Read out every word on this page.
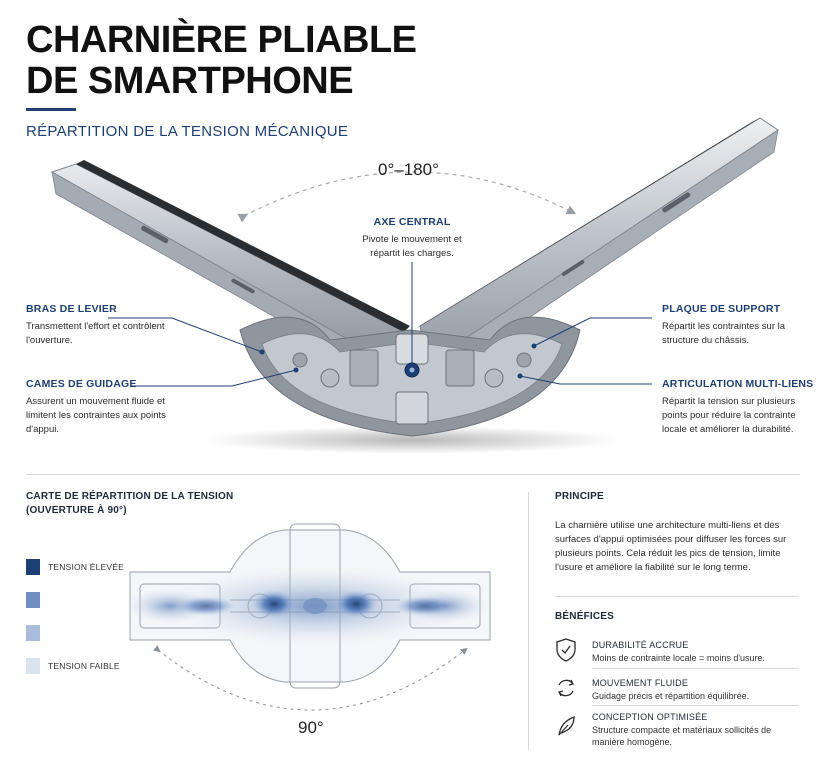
CHARNIÈRE PLIABLE
DE SMARTPHONE
RÉPARTITION DE LA TENSION MÉCANIQUE
0°–180°
AXE CENTRAL
Pivote le mouvement et répartit les charges.
BRAS DE LEVIER
Transmettent l'effort et contrôlent l'ouverture.
CAMES DE GUIDAGE
Assurent un mouvement fluide et limitent les contraintes aux points d'appui.
PLAQUE DE SUPPORT
Répartit les contraintes sur la structure du châssis.
ARTICULATION MULTI-LIENS
Répartit la tension sur plusieurs points pour réduire la contrainte locale et améliorer la durabilité.
CARTE DE RÉPARTITION DE LA TENSION
(OUVERTURE À 90°)
TENSION ÉLEVÉE
TENSION FAIBLE
90°
PRINCIPE
La charnière utilise une architecture multi-liens et des surfaces d'appui optimisées pour diffuser les forces sur plusieurs points. Cela réduit les pics de tension, limite l'usure et améliore la fiabilité sur le long terme.
BÉNÉFICES
DURABILITÉ ACCRUE
Moins de contrainte locale = moins d'usure.
MOUVEMENT FLUIDE
Guidage précis et répartition équilibrée.
CONCEPTION OPTIMISÉE
Structure compacte et matériaux sollicités de manière homogène.
